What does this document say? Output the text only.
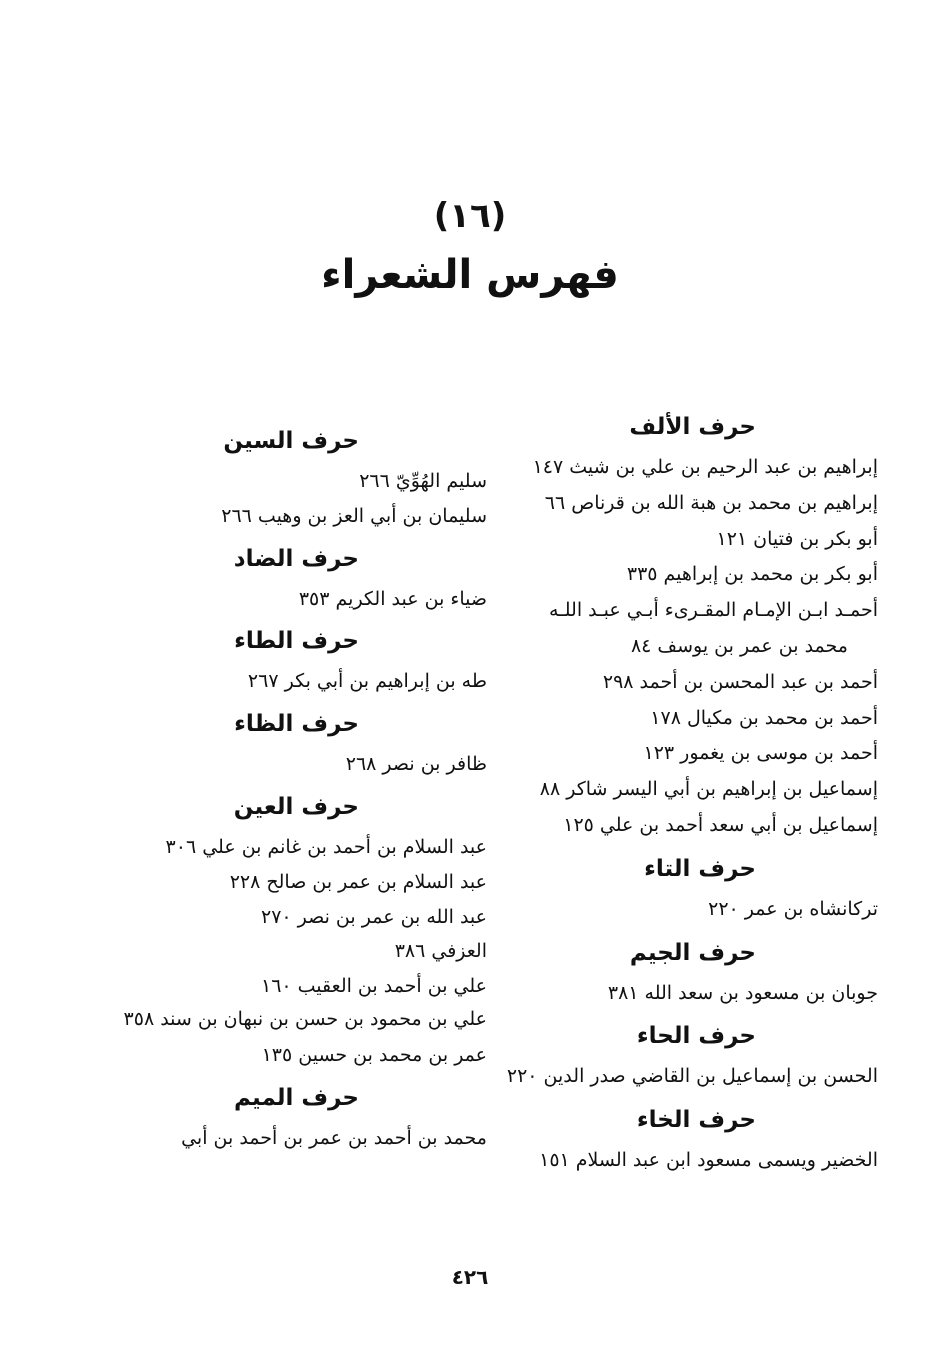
(١٦)
فهرس الشعراء
حرف الألف
إبراهيم بن عبد الرحيم بن علي بن شيث ١٤٧
إبراهيم بن محمد بن هبة الله بن قرناص ٦٦
أبو بكر بن فتيان ١٢١
أبو بكر بن محمد بن إبراهيم ٣٣٥
أحمـد ابـن الإمـام المقـرىء أبـي عبـد اللـه
محمد بن عمر بن يوسف ٨٤
أحمد بن عبد المحسن بن أحمد ٢٩٨
أحمد بن محمد بن مكيال ١٧٨
أحمد بن موسى بن يغمور ١٢٣
إسماعيل بن إبراهيم بن أبي اليسر شاكر ٨٨
إسماعيل بن أبي سعد أحمد بن علي ١٢٥
حرف التاء
تركانشاه بن عمر ٢٢٠
حرف الجيم
جوبان بن مسعود بن سعد الله ٣٨١
حرف الحاء
الحسن بن إسماعيل بن القاضي صدر الدين ٢٢٠
حرف الخاء
الخضير ويسمى مسعود ابن عبد السلام ١٥١
حرف السين
سليم الهُوِّيّ ٢٦٦
سليمان بن أبي العز بن وهيب ٢٦٦
حرف الضاد
ضياء بن عبد الكريم ٣٥٣
حرف الطاء
طه بن إبراهيم بن أبي بكر ٢٦٧
حرف الظاء
ظافر بن نصر ٢٦٨
حرف العين
عبد السلام بن أحمد بن غانم بن علي ٣٠٦
عبد السلام بن عمر بن صالح ٢٢٨
عبد الله بن عمر بن نصر ٢٧٠
العزفي ٣٨٦
علي بن أحمد بن العقيب ١٦٠
علي بن محمود بن حسن بن نبهان بن سند ٣٥٨
عمر بن محمد بن حسين ١٣٥
حرف الميم
محمد بن أحمد بن عمر بن أحمد بن أبي
٤٢٦
